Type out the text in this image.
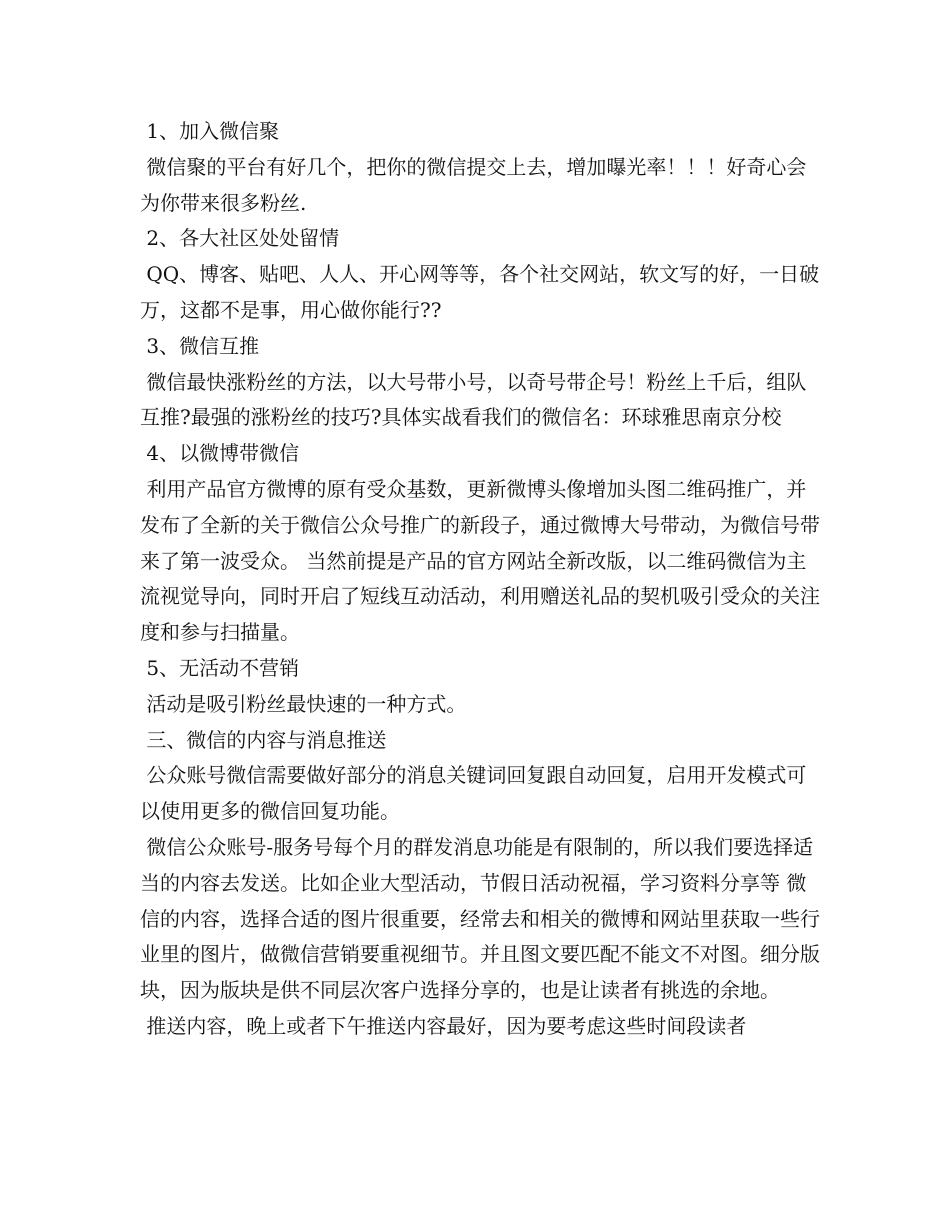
1、加入微信聚

微信聚的平台有好几个，把你的微信提交上去，增加曝光率！！！好奇心会为你带来很多粉丝.

2、各大社区处处留情

QQ、博客、贴吧、人人、开心网等等，各个社交网站，软文写的好，一日破万，这都不是事，用心做你能行??

3、微信互推

微信最快涨粉丝的方法，以大号带小号，以奇号带企号！粉丝上千后，组队互推?最强的涨粉丝的技巧?具体实战看我们的微信名：环球雅思南京分校

4、以微博带微信

利用产品官方微博的原有受众基数，更新微博头像增加头图二维码推广，并发布了全新的关于微信公众号推广的新段子，通过微博大号带动，为微信号带来了第一波受众。 当然前提是产品的官方网站全新改版，以二维码微信为主流视觉导向，同时开启了短线互动活动，利用赠送礼品的契机吸引受众的关注度和参与扫描量。

5、无活动不营销

活动是吸引粉丝最快速的一种方式。

三、微信的内容与消息推送

公众账号微信需要做好部分的消息关键词回复跟自动回复，启用开发模式可以使用更多的微信回复功能。

微信公众账号-服务号每个月的群发消息功能是有限制的，所以我们要选择适当的内容去发送。比如企业大型活动，节假日活动祝福，学习资料分享等 微信的内容，选择合适的图片很重要，经常去和相关的微博和网站里获取一些行业里的图片，做微信营销要重视细节。并且图文要匹配不能文不对图。细分版块，因为版块是供不同层次客户选择分享的，也是让读者有挑选的余地。

推送内容，晚上或者下午推送内容最好，因为要考虑这些时间段读者
